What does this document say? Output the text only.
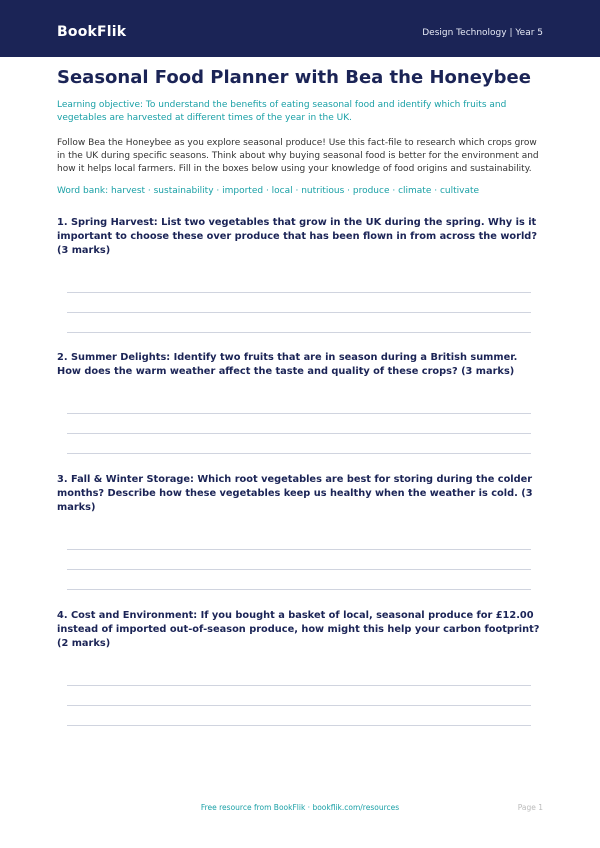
BookFlik	Design Technology | Year 5
Seasonal Food Planner with Bea the Honeybee
Learning objective: To understand the benefits of eating seasonal food and identify which fruits and vegetables are harvested at different times of the year in the UK.
Follow Bea the Honeybee as you explore seasonal produce! Use this fact-file to research which crops grow in the UK during specific seasons. Think about why buying seasonal food is better for the environment and how it helps local farmers. Fill in the boxes below using your knowledge of food origins and sustainability.
Word bank: harvest · sustainability · imported · local · nutritious · produce · climate · cultivate
1. Spring Harvest: List two vegetables that grow in the UK during the spring. Why is it important to choose these over produce that has been flown in from across the world? (3 marks)
2. Summer Delights: Identify two fruits that are in season during a British summer. How does the warm weather affect the taste and quality of these crops? (3 marks)
3. Fall & Winter Storage: Which root vegetables are best for storing during the colder months? Describe how these vegetables keep us healthy when the weather is cold. (3 marks)
4. Cost and Environment: If you bought a basket of local, seasonal produce for £12.00 instead of imported out-of-season produce, how might this help your carbon footprint? (2 marks)
Free resource from BookFlik · bookflik.com/resources	Page 1
